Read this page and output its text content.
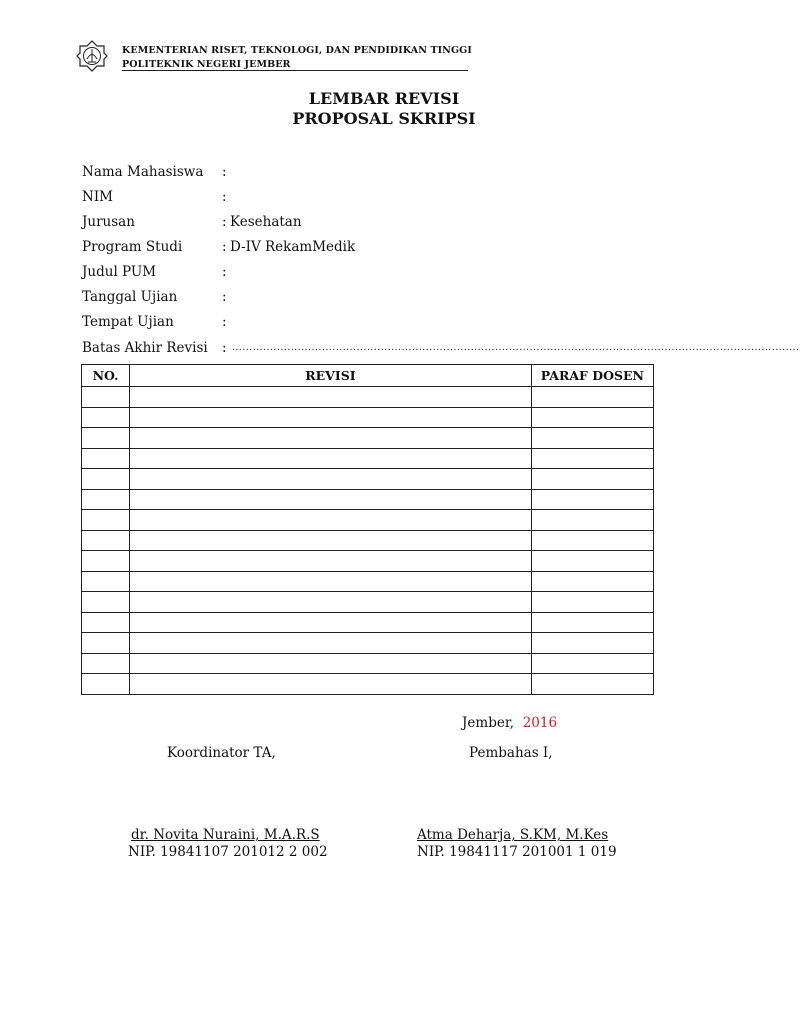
KEMENTERIAN RISET, TEKNOLOGI, DAN PENDIDIKAN TINGGI
POLITEKNIK NEGERI JEMBER
LEMBAR REVISI
PROPOSAL SKRIPSI
Nama Mahasiswa :
NIM	:
Jurusan	: Kesehatan
Program Studi	: D-IV RekamMedik
Judul PUM	:
Tanggal Ujian	:
Tempat Ujian	:
Batas Akhir Revisi : ....................................................................................................................................................................
NO.	REVISI	PARAF DOSEN

Jember, 2016
Koordinator TA,	Pembahas I,
dr. Novita Nuraini, M.A.R.S
NIP. 19841107 201012 2 002
Atma Deharja, S.KM, M.Kes
NIP. 19841117 201001 1 019
